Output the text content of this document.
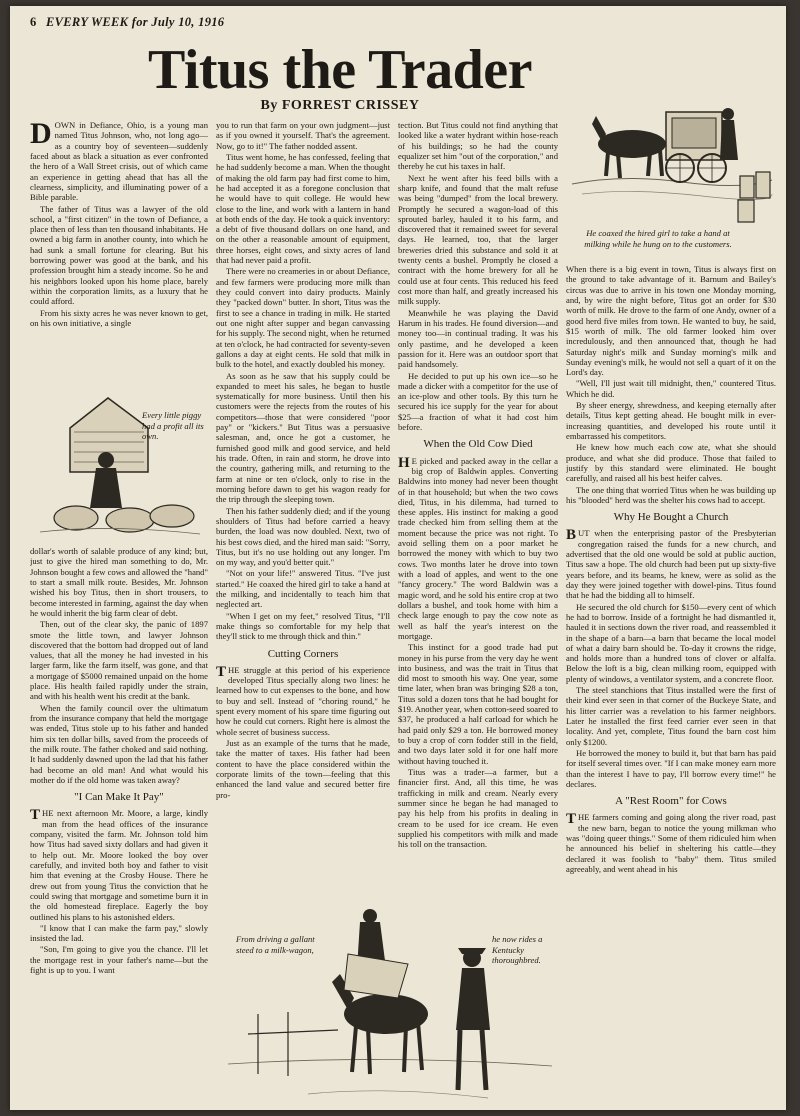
6 EVERY WEEK for July 10, 1916
Titus the Trader
By FORREST CRISSEY
He coaxed the hired girl to take a hand at milking while he hung on to the customers.
Every little piggy had a profit all its own.
From driving a gallant steed to a milk-wagon,
he now rides a Kentucky thoroughbred.

DOWN in Defiance, Ohio, is a young man named Titus Johnson, who, not long ago—as a country boy of seventeen—suddenly faced about as black a situation as ever confronted the hero of a Wall Street crisis, out of which came an experience in getting ahead that has all the clearness, simplicity, and illuminating power of a Bible parable.

The father of Titus was a lawyer of the old school, a "first citizen" in the town of Defiance, a place then of less than ten thousand inhabitants. He owned a big farm in another county, into which he had sunk a small fortune for clearing. But his borrowing power was good at the bank, and his profession brought him a steady income. So he and his neighbors looked upon his home place, barely within the corporation limits, as a luxury that he could afford.

From his sixty acres he was never known to get, on his own initiative, a single

dollar's worth of salable produce of any kind; but, just to give the hired man something to do, Mr. Johnson bought a few cows and allowed the "hand" to start a small milk route. Besides, Mr. Johnson wished his boy Titus, then in short trousers, to become interested in farming, against the day when he would inherit the big farm clear of debt.

Then, out of the clear sky, the panic of 1897 smote the little town, and lawyer Johnson discovered that the bottom had dropped out of land values, that all the money he had invested in his larger farm, like the farm itself, was gone, and that a mortgage of $5000 remained unpaid on the home place. His health failed rapidly under the strain, and with his health went his credit at the bank.

When the family council over the ultimatum from the insurance company that held the mortgage was ended, Titus stole up to his father and handed him six ten dollar bills, saved from the proceeds of the milk route. The father choked and said nothing. It had suddenly dawned upon the lad that his father had become an old man! And what would his mother do if the old home was taken away?

"I Can Make It Pay"

THE next afternoon Mr. Moore, a large, kindly man from the head offices of the insurance company, visited the farm. Mr. Johnson told him how Titus had saved sixty dollars and had given it to help out. Mr. Moore looked the boy over carefully, and invited both boy and father to visit him that evening at the Crosby House. There he drew out from young Titus the conviction that he could swing that mortgage and sometime burn it in the old homestead fireplace. Eagerly the boy outlined his plans to his astonished elders.

"I know that I can make the farm pay," slowly insisted the lad.

"Son, I'm going to give you the chance. I'll let the mortgage rest in your father's name—but the fight is up to you. I want

you to run that farm on your own judgment—just as if you owned it yourself. That's the agreement. Now, go to it!" The father nodded assent.

Titus went home, he has confessed, feeling that he had suddenly become a man. When the thought of making the old farm pay had first come to him, he had accepted it as a foregone conclusion that he would have to quit college. He would hew close to the line, and work with a lantern in hand at both ends of the day. He took a quick inventory: a debt of five thousand dollars on one hand, and on the other a reasonable amount of equipment, three horses, eight cows, and sixty acres of land that had never paid a profit.

There were no creameries in or about Defiance, and few farmers were producing more milk than they could convert into dairy products. Mainly they "packed down" butter. In short, Titus was the first to see a chance in trading in milk. He started out one night after supper and began canvassing for his supply. The second night, when he returned at ten o'clock, he had contracted for seventy-seven gallons a day at eight cents. He sold that milk in bulk to the hotel, and exactly doubled his money.

As soon as he saw that his supply could be expanded to meet his sales, he began to hustle systematically for more business. Until then his customers were the rejects from the routes of his competitors—those that were considered "poor pay" or "kickers." But Titus was a persuasive salesman, and, once he got a customer, he furnished good milk and good service, and held his trade. Often, in rain and storm, he drove into the country, gathering milk, and returning to the farm at nine or ten o'clock, only to rise in the morning before dawn to get his wagon ready for the trip through the sleeping town.

Then his father suddenly died; and if the young shoulders of Titus had before carried a heavy burden, the load was now doubled. Next, two of his best cows died, and the hired man said: "Sorry, Titus, but it's no use holding out any longer. I'm on my way, and you'd better quit."

"Not on your life!" answered Titus. "I've just started." He coaxed the hired girl to take a hand at the milking, and incidentally to teach him that neglected art.

"When I get on my feet," resolved Titus, "I'll make things so comfortable for my help that they'll stick to me through thick and thin."

Cutting Corners

THE struggle at this period of his experience developed Titus specially along two lines: he learned how to cut expenses to the bone, and how to buy and sell. Instead of "choring round," he spent every moment of his spare time figuring out how he could cut corners. Right here is almost the whole secret of business success.

Just as an example of the turns that he made, take the matter of taxes. His father had been content to have the place considered within the corporate limits of the town—feeling that this enhanced the land value and secured better fire pro-

tection. But Titus could not find anything that looked like a water hydrant within hose-reach of his buildings; so he had the county equalizer set him "out of the corporation," and thereby he cut his taxes in half.

Next he went after his feed bills with a sharp knife, and found that the malt refuse was being "dumped" from the local brewery. Promptly he secured a wagon-load of this sprouted barley, hauled it to his farm, and discovered that it remained sweet for several days. He learned, too, that the larger breweries dried this substance and sold it at twenty cents a bushel. Promptly he closed a contract with the home brewery for all he could use at four cents. This reduced his feed cost more than half, and greatly increased his milk supply.

Meanwhile he was playing the David Harum in his trades. He found diversion—and money too—in continual trading. It was his only pastime, and he developed a keen passion for it. Here was an outdoor sport that paid handsomely.

He decided to put up his own ice—so he made a dicker with a competitor for the use of an ice-plow and other tools. By this turn he secured his ice supply for the year for about $25—a fraction of what it had cost him before.

When the Old Cow Died

H E picked and packed away in the cellar a big crop of Baldwin apples. Converting Baldwins into money had never been thought of in that household; but when the two cows died, Titus, in his dilemma, had turned to these apples. His instinct for making a good trade checked him from selling them at the moment because the price was not right. To avoid selling them on a poor market he borrowed the money with which to buy two cows. Two months later he drove into town with a load of apples, and went to the one "fancy grocery." The word Baldwin was a magic word, and he sold his entire crop at two dollars a bushel, and took home with him a check large enough to pay the cow note as well as half the year's interest on the mortgage.

This instinct for a good trade had put money in his purse from the very day he went into business, and was the trait in Titus that did most to smooth his way. One year, some time later, when bran was bringing $28 a ton, Titus sold a dozen tons that he had bought for $19. Another year, when cotton-seed soared to $37, he produced a half carload for which he had paid only $29 a ton. He borrowed money to buy a crop of corn fodder still in the field, and two days later sold it for one half more without having touched it.

Titus was a trader—a farmer, but a financier first. And, all this time, he was trafficking in milk and cream. Nearly every summer since he began he had managed to pay his help from his profits in dealing in cream to be used for ice cream. He even supplied his competitors with milk and made his toll on the transaction.

When there is a big event in town, Titus is always first on the ground to take advantage of it. Barnum and Bailey's circus was due to arrive in his town one Monday morning, and, by wire the night before, Titus got an order for $30 worth of milk. He drove to the farm of one Andy, owner of a good herd five miles from town. He wanted to buy, he said, $15 worth of milk. The old farmer looked him over incredulously, and then announced that, though he had Saturday night's milk and Sunday morning's milk and Sunday evening's milk, he would not sell a quart of it on the Lord's day.

"Well, I'll just wait till midnight, then," countered Titus. Which he did.

By sheer energy, shrewdness, and keeping eternally after details, Titus kept getting ahead. He bought milk in ever-increasing quantities, and developed his route until it embarrassed his competitors.

He knew how much each cow ate, what she should produce, and what she did produce. Those that failed to justify by this standard were eliminated. He bought carefully, and raised all his best heifer calves.

The one thing that worried Titus when he was building up his "blooded" herd was the shelter his cows had to accept.

Why He Bought a Church

BUT when the enterprising pastor of the Presbyterian congregation raised the funds for a new church, and advertised that the old one would be sold at public auction, Titus saw a hope. The old church had been put up sixty-five years before, and its beams, he knew, were as solid as the day they were joined together with dowel-pins. Titus found that he had the bidding all to himself.

He secured the old church for $150—every cent of which he had to borrow. Inside of a fortnight he had dismantled it, hauled it in sections down the river road, and reassembled it in the shape of a barn—a barn that became the local model of what a dairy barn should be. To-day it crowns the ridge, and holds more than a hundred tons of clover or alfalfa. Below the loft is a big, clean milking room, equipped with plenty of windows, a ventilator system, and a concrete floor.

The steel stanchions that Titus installed were the first of their kind ever seen in that corner of the Buckeye State, and his litter carrier was a revelation to his farmer neighbors. Later he installed the first feed carrier ever seen in that locality. And yet, complete, Titus found the barn cost him only $1200.

He borrowed the money to build it, but that barn has paid for itself several times over. "If I can make money earn more than the interest I have to pay, I'll borrow every time!" he declares.

A "Rest Room" for Cows

THE farmers coming and going along the river road, past the new barn, began to notice the young milkman who was "doing queer things." Some of them ridiculed him when he announced his belief in sheltering his cattle—they declared it was foolish to "baby" them. Titus smiled agreeably, and went ahead in his
